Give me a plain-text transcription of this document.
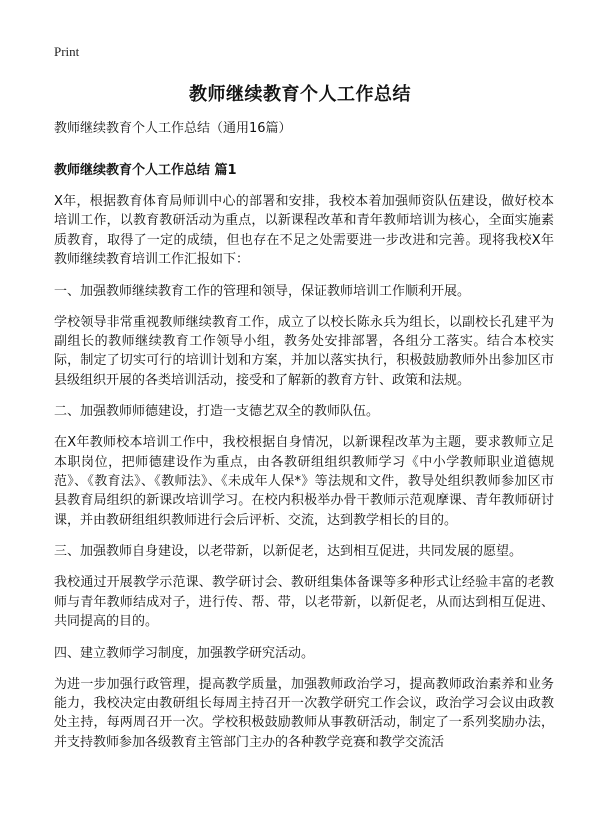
Print
教师继续教育个人工作总结

教师继续教育个人工作总结（通用16篇）

教师继续教育个人工作总结 篇1

X年，根据教育体育局师训中心的部署和安排，我校本着加强师资队伍建设，做好校本培训工作，以教育教研活动为重点，以新课程改革和青年教师培训为核心，全面实施素质教育，取得了一定的成绩，但也存在不足之处需要进一步改进和完善。现将我校X年教师继续教育培训工作汇报如下：

一、加强教师继续教育工作的管理和领导，保证教师培训工作顺利开展。

学校领导非常重视教师继续教育工作，成立了以校长陈永兵为组长，以副校长孔建平为副组长的教师继续教育工作领导小组，教务处安排部署，各组分工落实。结合本校实际，制定了切实可行的培训计划和方案，并加以落实执行，积极鼓励教师外出参加区市县级组织开展的各类培训活动，接受和了解新的教育方针、政策和法规。

二、加强教师师德建设，打造一支德艺双全的教师队伍。

在X年教师校本培训工作中，我校根据自身情况，以新课程改革为主题，要求教师立足本职岗位，把师德建设作为重点，由各教研组组织教师学习《中小学教师职业道德规范》、《教育法》、《教师法》、《未成年人保*》等法规和文件，教导处组织教师参加区市县教育局组织的新课改培训学习。在校内积极举办骨干教师示范观摩课、青年教师研讨课，并由教研组组织教师进行会后评析、交流，达到教学相长的目的。

三、加强教师自身建设，以老带新，以新促老，达到相互促进，共同发展的愿望。

我校通过开展教学示范课、教学研讨会、教研组集体备课等多种形式让经验丰富的老教师与青年教师结成对子，进行传、帮、带，以老带新，以新促老，从而达到相互促进、共同提高的目的。

四、建立教师学习制度，加强教学研究活动。

为进一步加强行政管理，提高教学质量，加强教师政治学习，提高教师政治素养和业务能力，我校决定由教研组长每周主持召开一次教学研究工作会议，政治学习会议由政教处主持，每两周召开一次。学校积极鼓励教师从事教研活动，制定了一系列奖励办法，并支持教师参加各级教育主管部门主办的各种教学竞赛和教学交流活
